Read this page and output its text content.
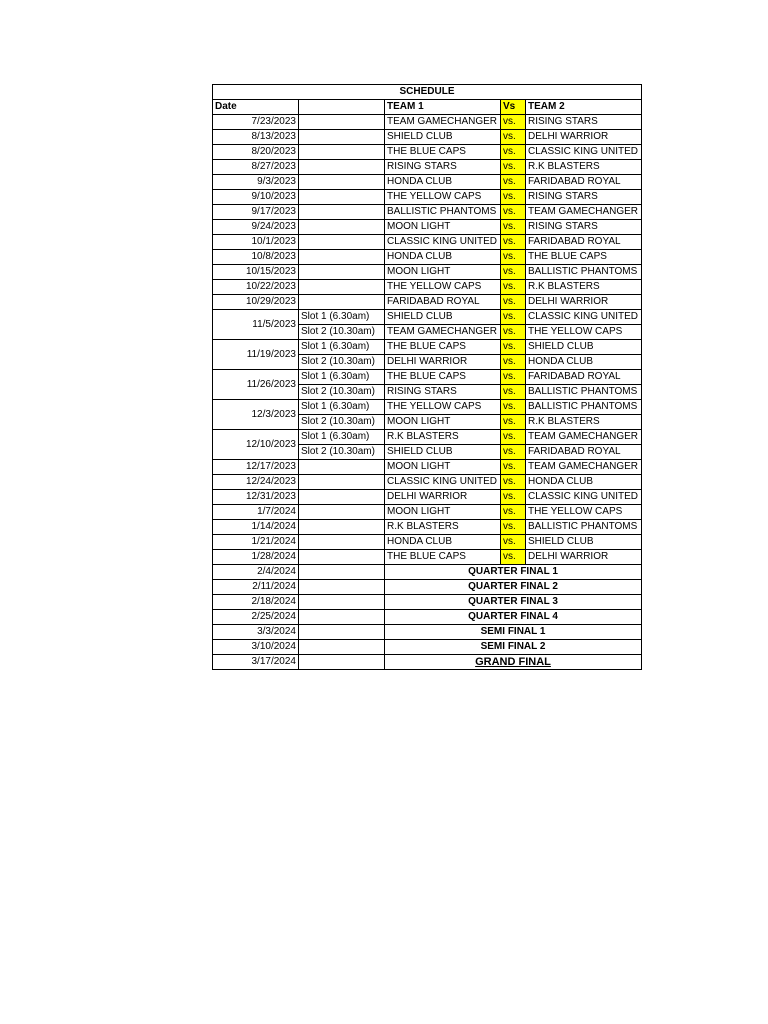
SCHEDULE				
Date		TEAM 1	Vs	TEAM 2
7/23/2023		TEAM GAMECHANGER	vs.	RISING STARS
8/13/2023		SHIELD CLUB	vs.	DELHI WARRIOR
8/20/2023		THE BLUE CAPS	vs.	CLASSIC KING UNITED
8/27/2023		RISING STARS	vs.	R.K BLASTERS
9/3/2023		HONDA CLUB	vs.	FARIDABAD ROYAL
9/10/2023		THE YELLOW CAPS	vs.	RISING STARS
9/17/2023		BALLISTIC PHANTOMS	vs.	TEAM GAMECHANGER
9/24/2023		MOON LIGHT	vs.	RISING STARS
10/1/2023		CLASSIC KING UNITED	vs.	FARIDABAD ROYAL
10/8/2023		HONDA CLUB	vs.	THE BLUE CAPS
10/15/2023		MOON LIGHT	vs.	BALLISTIC PHANTOMS
10/22/2023		THE YELLOW CAPS	vs.	R.K BLASTERS
10/29/2023		FARIDABAD ROYAL	vs.	DELHI WARRIOR
11/5/2023	Slot 1 (6.30am)	SHIELD CLUB	vs.	CLASSIC KING UNITED
	Slot 2 (10.30am)	TEAM GAMECHANGER	vs.	THE YELLOW CAPS
11/19/2023	Slot 1 (6.30am)	THE BLUE CAPS	vs.	SHIELD CLUB
	Slot 2 (10.30am)	DELHI WARRIOR	vs.	HONDA CLUB
11/26/2023	Slot 1 (6.30am)	THE BLUE CAPS	vs.	FARIDABAD ROYAL
	Slot 2 (10.30am)	RISING STARS	vs.	BALLISTIC PHANTOMS
12/3/2023	Slot 1 (6.30am)	THE YELLOW CAPS	vs.	BALLISTIC PHANTOMS
	Slot 2 (10.30am)	MOON LIGHT	vs.	R.K BLASTERS
12/10/2023	Slot 1 (6.30am)	R.K BLASTERS	vs.	TEAM GAMECHANGER
	Slot 2 (10.30am)	SHIELD CLUB	vs.	FARIDABAD ROYAL
12/17/2023		MOON LIGHT	vs.	TEAM GAMECHANGER
12/24/2023		CLASSIC KING UNITED	vs.	HONDA CLUB
12/31/2023		DELHI WARRIOR	vs.	CLASSIC KING UNITED
1/7/2024		MOON LIGHT	vs.	THE YELLOW CAPS
1/14/2024		R.K BLASTERS	vs.	BALLISTIC PHANTOMS
1/21/2024		HONDA CLUB	vs.	SHIELD CLUB
1/28/2024		THE BLUE CAPS	vs.	DELHI WARRIOR
2/4/2024		QUARTER FINAL 1		
2/11/2024		QUARTER FINAL 2		
2/18/2024		QUARTER FINAL 3		
2/25/2024		QUARTER FINAL 4		
3/3/2024		SEMI FINAL 1		
3/10/2024		SEMI FINAL 2		
3/17/2024		GRAND FINAL		
